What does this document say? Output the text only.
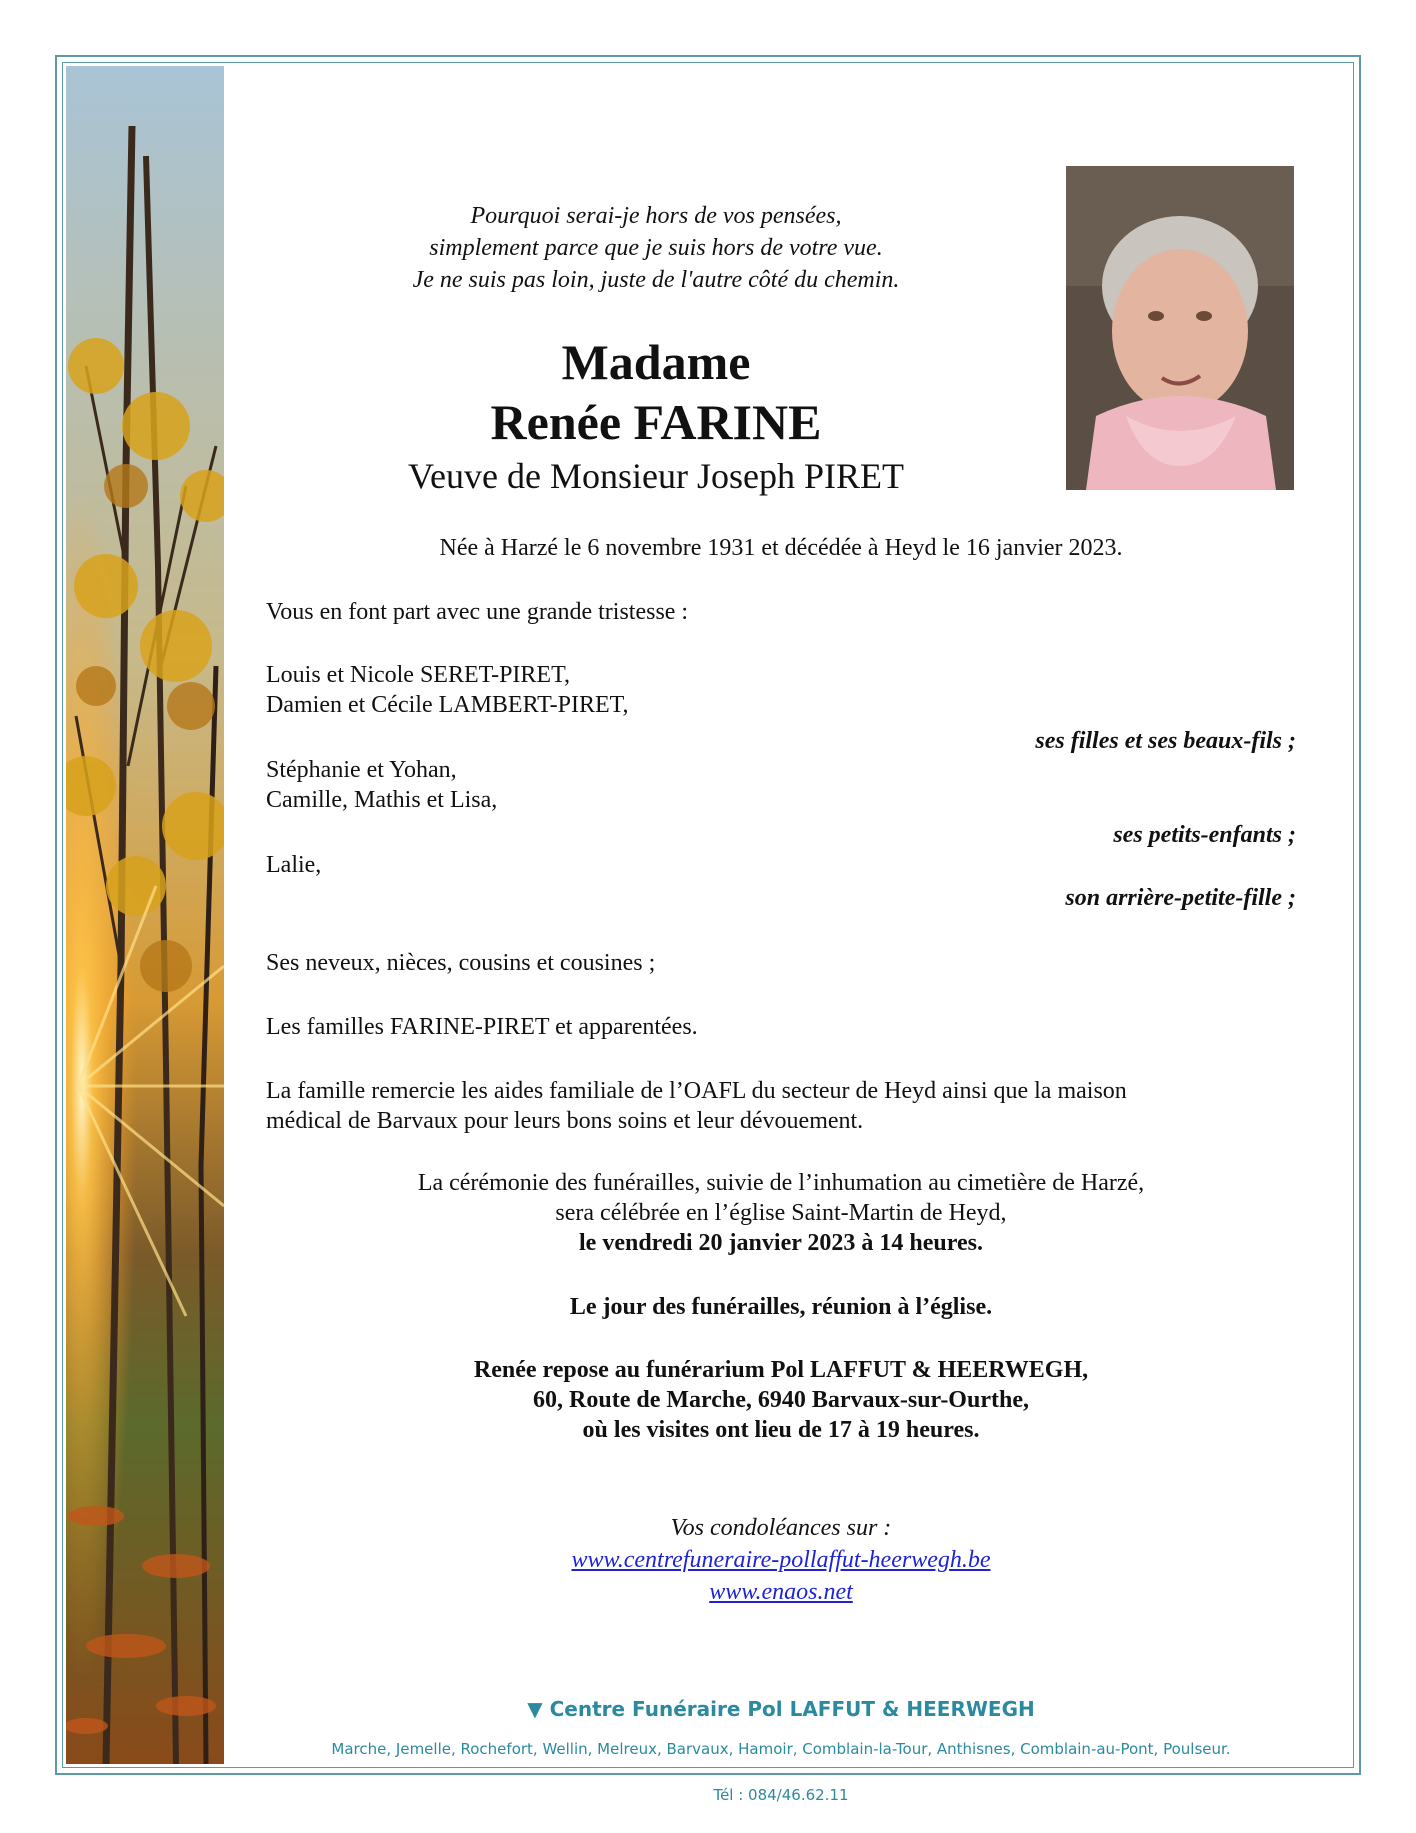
Pourquoi serai-je hors de vos pensées,
simplement parce que je suis hors de votre vue.
Je ne suis pas loin, juste de l'autre côté du chemin.
Madame
Renée FARINE
Veuve de Monsieur Joseph PIRET
Née à Harzé le 6 novembre 1931 et décédée à Heyd le 16 janvier 2023.
Vous en font part avec une grande tristesse :
Louis et Nicole SERET-PIRET,
Damien et Cécile LAMBERT-PIRET,
ses filles et ses beaux-fils ;
Stéphanie et Yohan,
Camille, Mathis et Lisa,
ses petits-enfants ;
Lalie,
son arrière-petite-fille ;
Ses neveux, nièces, cousins et cousines ;
Les familles FARINE-PIRET et apparentées.
La famille remercie les aides familiale de l’OAFL du secteur de Heyd ainsi que la maison
médical de Barvaux pour leurs bons soins et leur dévouement.
La cérémonie des funérailles, suivie de l’inhumation au cimetière de Harzé,
sera célébrée en l’église Saint-Martin de Heyd,
le vendredi 20 janvier 2023 à 14 heures.
Le jour des funérailles, réunion à l’église.
Renée repose au funérarium Pol LAFFUT & HEERWEGH,
60, Route de Marche, 6940 Barvaux-sur-Ourthe,
où les visites ont lieu de 17 à 19 heures.
Vos condoléances sur :
www.centrefuneraire-pollaffut-heerwegh.be
www.enaos.net
▼ Centre Funéraire Pol LAFFUT & HEERWEGH
Marche, Jemelle, Rochefort, Wellin, Melreux, Barvaux, Hamoir, Comblain-la-Tour, Anthisnes, Comblain-au-Pont, Poulseur.
Tél : 084/46.62.11
